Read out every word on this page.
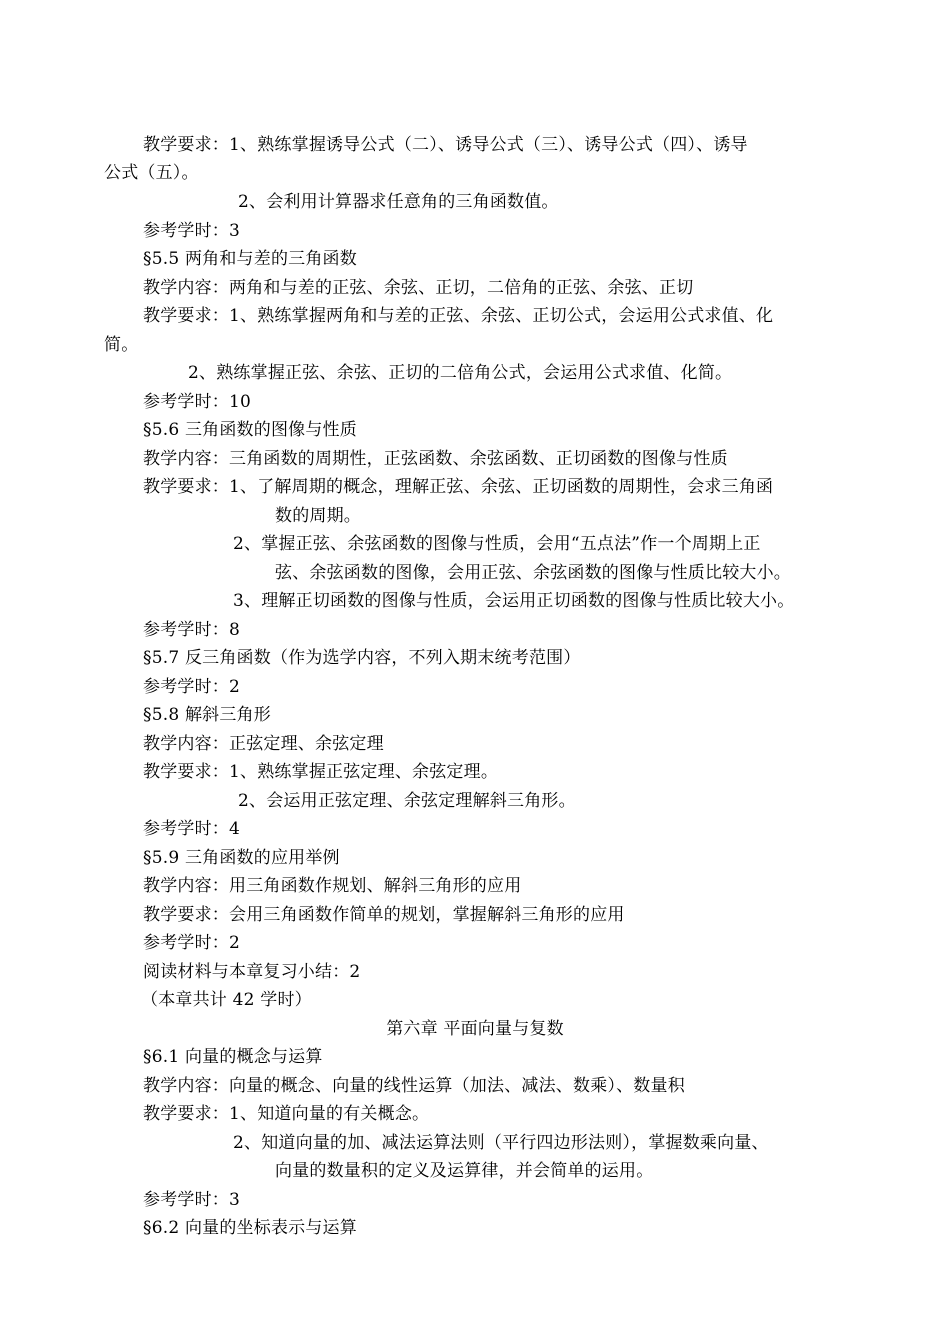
教学要求：1、熟练掌握诱导公式（二）、诱导公式（三）、诱导公式（四）、诱导
公式（五）。
2、会利用计算器求任意角的三角函数值。
参考学时：3
§5.5 两角和与差的三角函数
教学内容：两角和与差的正弦、余弦、正切，二倍角的正弦、余弦、正切
教学要求：1、熟练掌握两角和与差的正弦、余弦、正切公式，会运用公式求值、化
简。
2、熟练掌握正弦、余弦、正切的二倍角公式，会运用公式求值、化简。
参考学时：10
§5.6 三角函数的图像与性质
教学内容：三角函数的周期性，正弦函数、余弦函数、正切函数的图像与性质
教学要求：1、了解周期的概念，理解正弦、余弦、正切函数的周期性，会求三角函
数的周期。
2、掌握正弦、余弦函数的图像与性质，会用“五点法”作一个周期上正
弦、余弦函数的图像，会用正弦、余弦函数的图像与性质比较大小。
3、理解正切函数的图像与性质，会运用正切函数的图像与性质比较大小。
参考学时：8
§5.7 反三角函数（作为选学内容，不列入期末统考范围）
参考学时：2
§5.8 解斜三角形
教学内容：正弦定理、余弦定理
教学要求：1、熟练掌握正弦定理、余弦定理。
2、会运用正弦定理、余弦定理解斜三角形。
参考学时：4
§5.9 三角函数的应用举例
教学内容：用三角函数作规划、解斜三角形的应用
教学要求：会用三角函数作简单的规划，掌握解斜三角形的应用
参考学时：2
阅读材料与本章复习小结：2
（本章共计 42 学时）
第六章 平面向量与复数
§6.1 向量的概念与运算
教学内容：向量的概念、向量的线性运算（加法、减法、数乘）、数量积
教学要求：1、知道向量的有关概念。
2、知道向量的加、减法运算法则（平行四边形法则），掌握数乘向量、
向量的数量积的定义及运算律，并会简单的运用。
参考学时：3
§6.2 向量的坐标表示与运算
